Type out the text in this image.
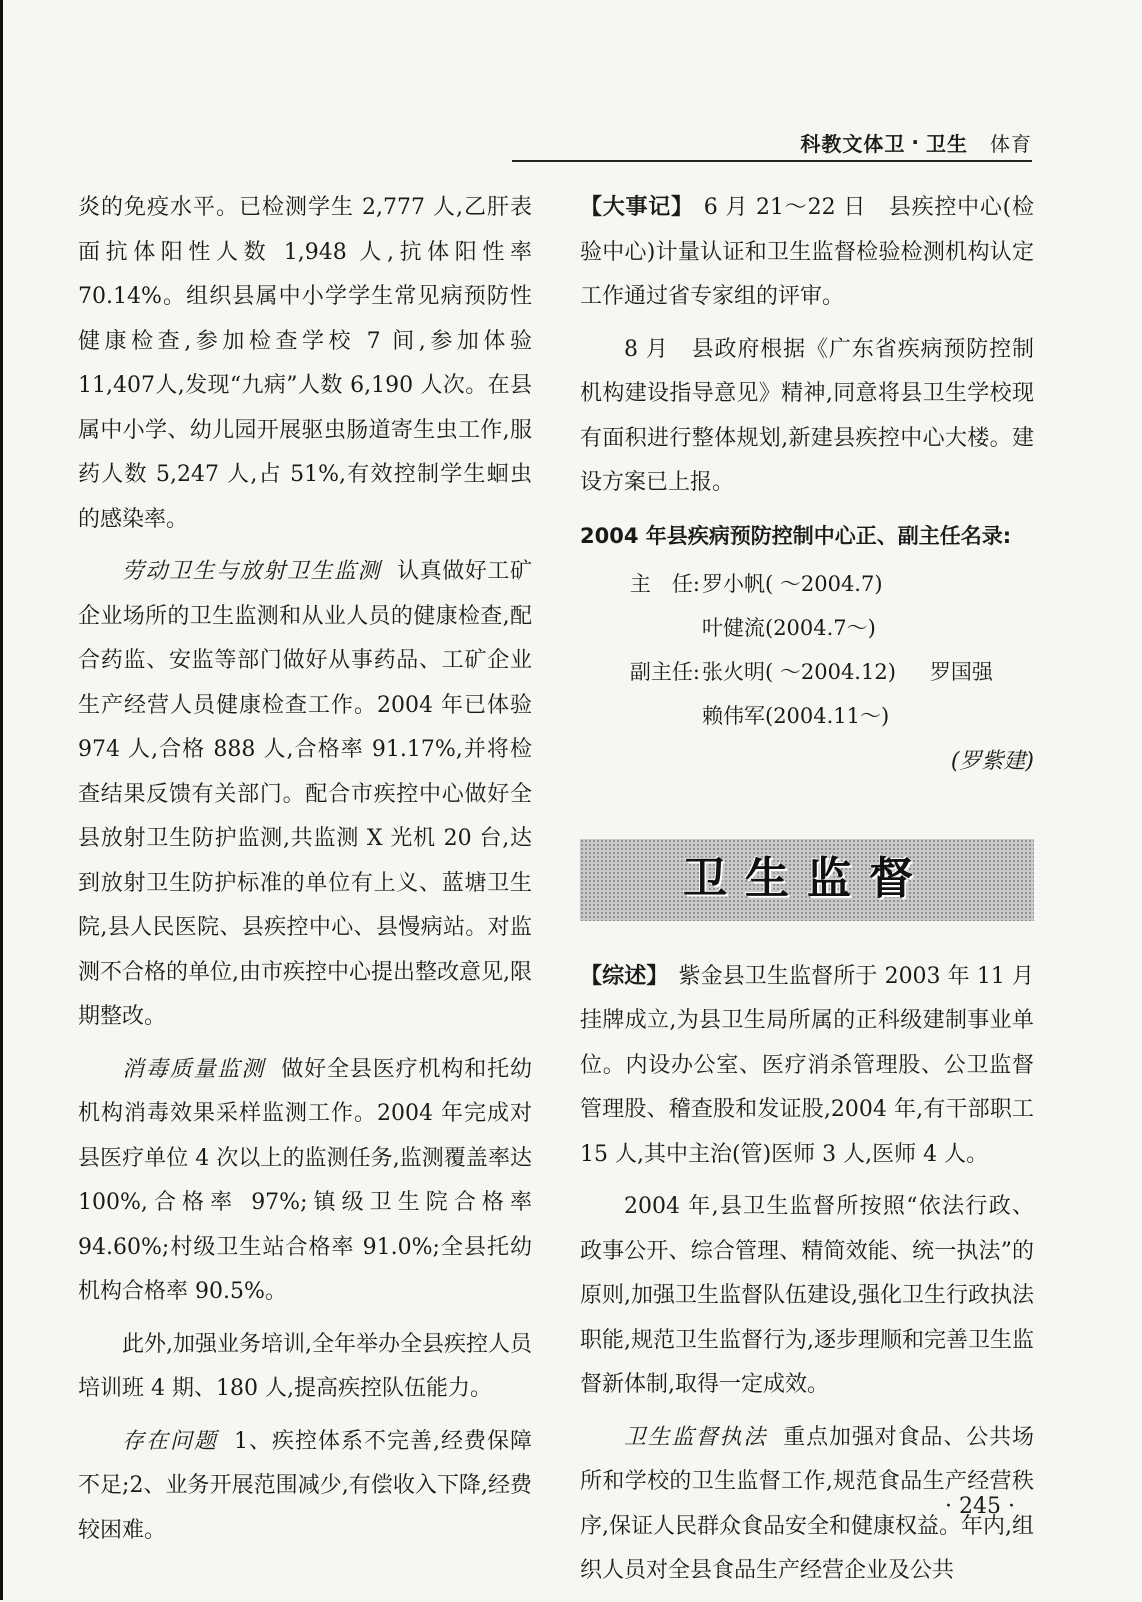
科教文体卫 · 卫生 体育

炎的免疫水平。已检测学生 2,777 人,乙肝表面抗体阳性人数 1,948 人,抗体阳性率 70.14%。组织县属中小学学生常见病预防性健康检查,参加检查学校 7 间,参加体验 11,407人,发现“九病”人数 6,190 人次。在县属中小学、幼儿园开展驱虫肠道寄生虫工作,服药人数 5,247 人,占 51%,有效控制学生蛔虫的感染率。

劳动卫生与放射卫生监测 认真做好工矿企业场所的卫生监测和从业人员的健康检查,配合药监、安监等部门做好从事药品、工矿企业生产经营人员健康检查工作。2004 年已体验 974 人,合格 888 人,合格率 91.17%,并将检查结果反馈有关部门。配合市疾控中心做好全县放射卫生防护监测,共监测 X 光机 20 台,达到放射卫生防护标准的单位有上义、蓝塘卫生院,县人民医院、县疾控中心、县慢病站。对监测不合格的单位,由市疾控中心提出整改意见,限期整改。

消毒质量监测 做好全县医疗机构和托幼机构消毒效果采样监测工作。2004 年完成对县医疗单位 4 次以上的监测任务,监测覆盖率达 100%,合格率 97%;镇级卫生院合格率 94.60%;村级卫生站合格率 91.0%;全县托幼机构合格率 90.5%。

此外,加强业务培训,全年举办全县疾控人员培训班 4 期、180 人,提高疾控队伍能力。

存在问题 1、疾控体系不完善,经费保障不足;2、业务开展范围减少,有偿收入下降,经费较困难。

【大事记】 6 月 21～22 日　县疾控中心(检验中心)计量认证和卫生监督检验检测机构认定工作通过省专家组的评审。

8 月　县政府根据《广东省疾病预防控制机构建设指导意见》精神,同意将县卫生学校现有面积进行整体规划,新建县疾控中心大楼。建设方案已上报。

2004 年县疾病预防控制中心正、副主任名录:

主　任: 罗小帆( ～2004.7)
叶健流(2004.7～)
副主任: 张火明( ～2004.12) 罗国强
赖伟军(2004.11～)

(罗紫建)

卫生监督

【综述】 紫金县卫生监督所于 2003 年 11 月挂牌成立,为县卫生局所属的正科级建制事业单位。内设办公室、医疗消杀管理股、公卫监督管理股、稽查股和发证股,2004 年,有干部职工 15 人,其中主治(管)医师 3 人,医师 4 人。

2004 年,县卫生监督所按照“依法行政、政事公开、综合管理、精简效能、统一执法”的原则,加强卫生监督队伍建设,强化卫生行政执法职能,规范卫生监督行为,逐步理顺和完善卫生监督新体制,取得一定成效。

卫生监督执法 重点加强对食品、公共场所和学校的卫生监督工作,规范食品生产经营秩序,保证人民群众食品安全和健康权益。年内,组织人员对全县食品生产经营企业及公共

· 245 ·
